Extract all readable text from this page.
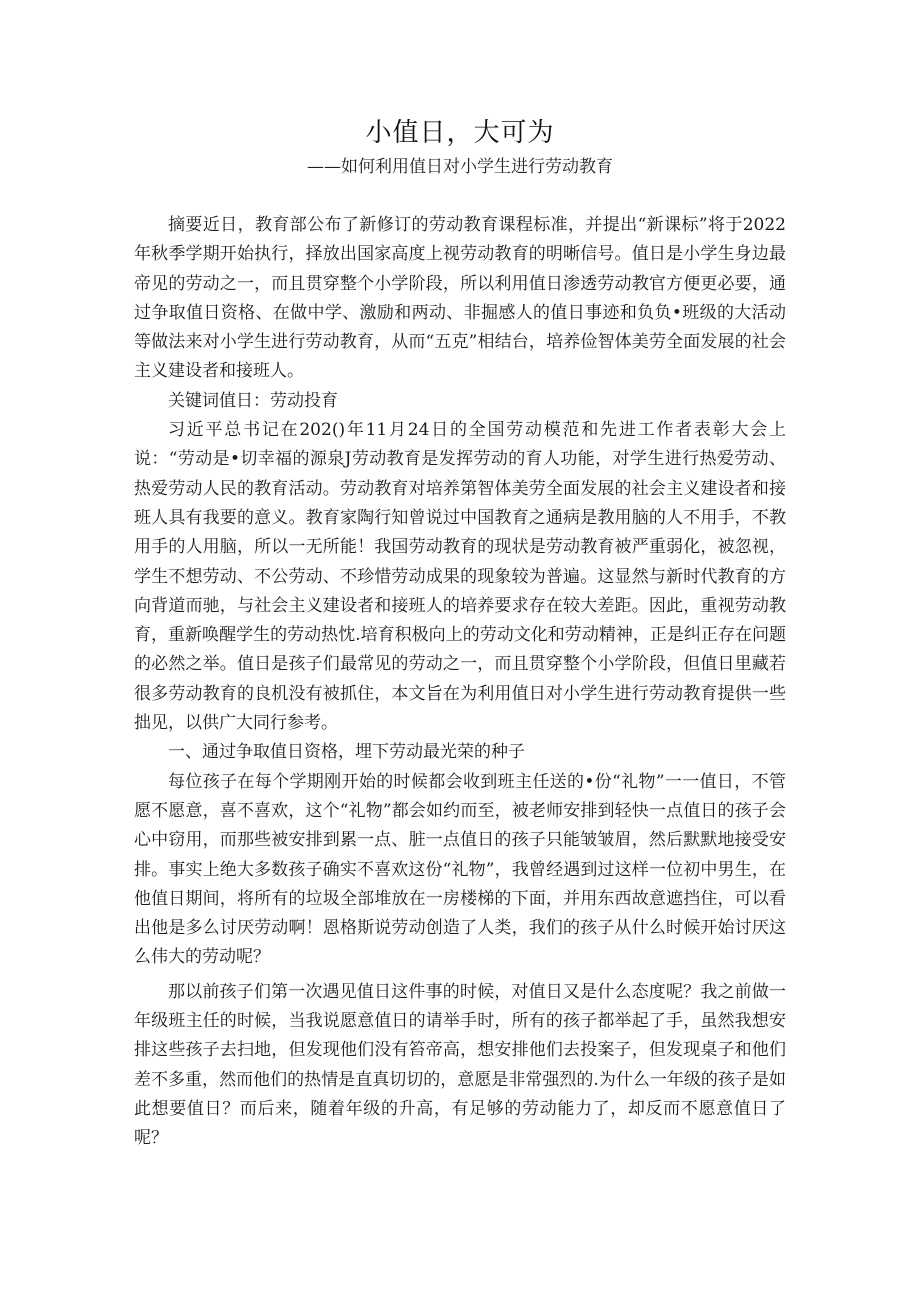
小值日，大可为
——如何利用值日对小学生进行劳动教育

摘要近日，教育部公布了新修订的劳动教育课程标准，并提出“新课标”将于2022年秋季学期开始执行，择放出国家高度上视劳动教育的明晰信号。值日是小学生身边最帝见的劳动之一，而且贯穿整个小学阶段，所以利用值日渗透劳动教官方便更必要，通过争取值日资格、在做中学、激励和两动、非掘感人的值日事迹和负负•班级的大活动等做法来对小学生进行劳动教育，从而“五克”相结台，培养俭智体美劳全面发展的社会主义建设者和接班人。

关键词值日：劳动投育

习近平总书记在202()年11月24日的全国劳动模范和先进工作者表彰大会上说：“劳动是•切幸福的源泉J劳动教育是发挥劳动的育人功能，对学生进行热爱劳动、热爱劳动人民的教育活动。劳动教育对培养第智体美劳全面发展的社会主义建设者和接班人具有我要的意义。教育家陶行知曾说过中国教育之通病是教用脑的人不用手，不教用手的人用脑，所以一无所能！我国劳动教育的现状是劳动教育被严重弱化，被忽视，学生不想劳动、不公劳动、不珍惜劳动成果的现象较为普遍。这显然与新时代教育的方向背道而驰，与社会主义建设者和接班人的培养要求存在较大差距。因此，重视劳动教育，重新唤醒学生的劳动热忱.培育积极向上的劳动文化和劳动精神，正是纠正存在问题的必然之举。值日是孩子们最常见的劳动之一，而且贯穿整个小学阶段，但值日里藏若很多劳动教育的良机没有被抓住，本文旨在为利用值日对小学生进行劳动教育提供一些拙见，以供广大同行参考。

一、通过争取值日资格，埋下劳动最光荣的种子

每位孩子在每个学期刚开始的时候都会收到班主任送的•份“礼物”一一值日，不管愿不愿意，喜不喜欢，这个“礼物”都会如约而至，被老师安排到轻快一点值日的孩子会心中窃用，而那些被安排到累一点、脏一点值日的孩子只能皱皱眉，然后默默地接受安排。事实上绝大多数孩子确实不喜欢这份“礼物”，我曾经遇到过这样一位初中男生，在他值日期间，将所有的垃圾全部堆放在一房楼梯的下面，并用东西故意遮挡住，可以看出他是多么讨厌劳动啊！恩格斯说劳动创造了人类，我们的孩子从什么时候开始讨厌这么伟大的劳动呢？

那以前孩子们第一次遇见值日这件事的时候，对值日又是什么态度呢？我之前做一年级班主任的时候，当我说愿意值日的请举手时，所有的孩子都举起了手，虽然我想安排这些孩子去扫地，但发现他们没有笞帝高，想安排他们去投案子，但发现桌子和他们差不多重，然而他们的热情是直真切切的，意愿是非常强烈的.为什么一年级的孩子是如此想要值日？而后来，随着年级的升高，有足够的劳动能力了，却反而不愿意值日了呢？
